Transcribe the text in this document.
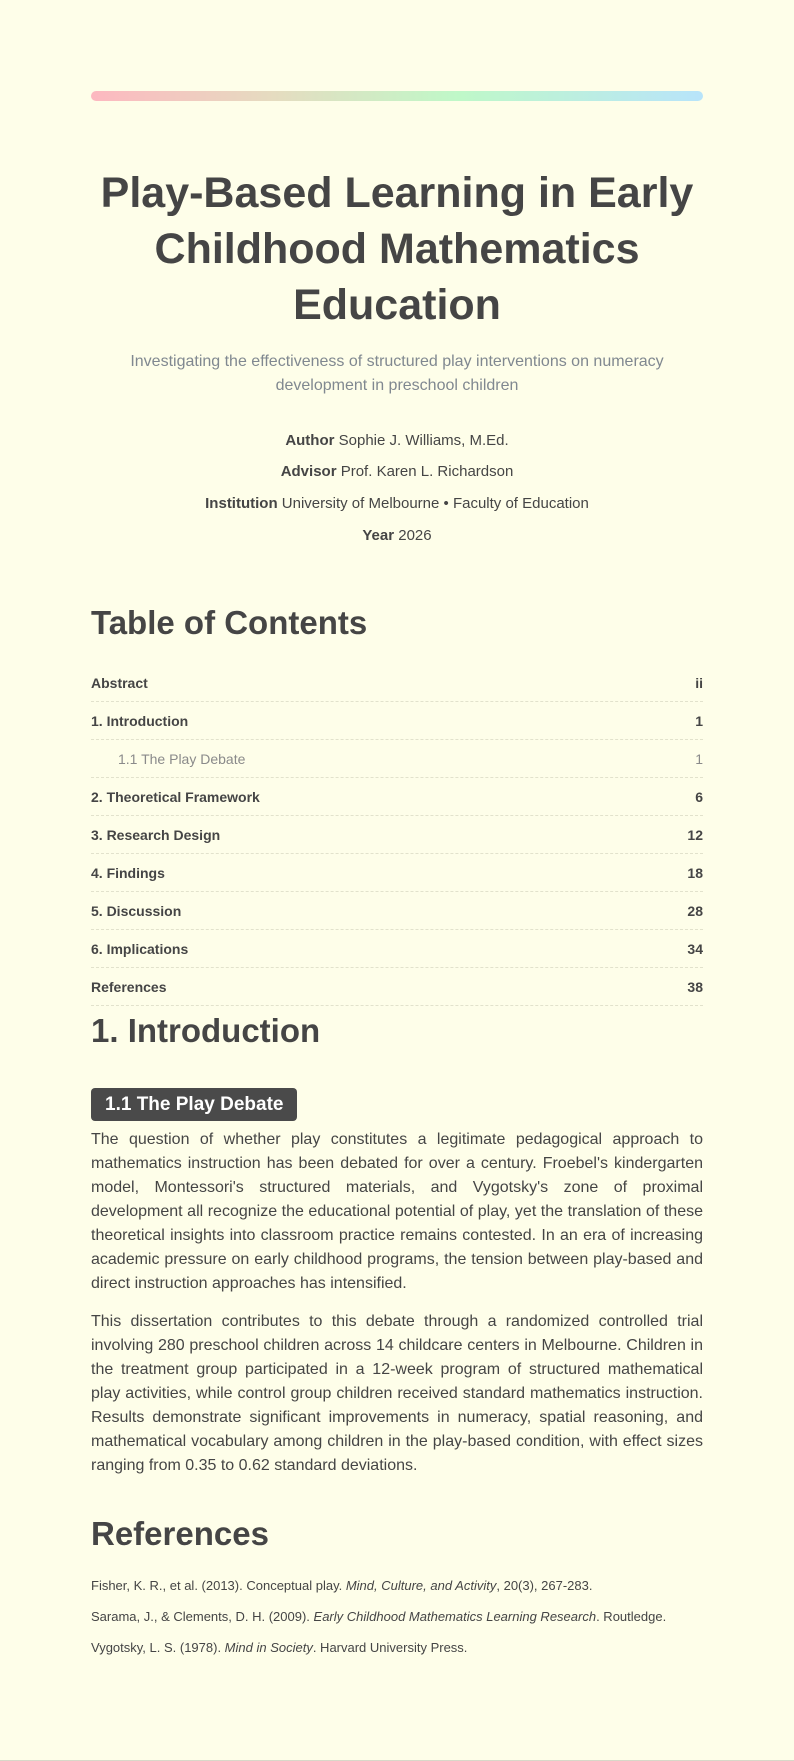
Play-Based Learning in Early Childhood Mathematics Education

Investigating the effectiveness of structured play interventions on numeracy development in preschool children

Author Sophie J. Williams, M.Ed.
Advisor Prof. Karen L. Richardson
Institution University of Melbourne • Faculty of Education
Year 2026
Table of Contents
Abstract	ii
1. Introduction	1
1.1 The Play Debate	1
2. Theoretical Framework	6
3. Research Design	12
4. Findings	18
5. Discussion	28
6. Implications	34
References	38
1. Introduction
1.1 The Play Debate

The question of whether play constitutes a legitimate pedagogical approach to mathematics instruction has been debated for over a century. Froebel's kindergarten model, Montessori's structured materials, and Vygotsky's zone of proximal development all recognize the educational potential of play, yet the translation of these theoretical insights into classroom practice remains contested. In an era of increasing academic pressure on early childhood programs, the tension between play-based and direct instruction approaches has intensified.

This dissertation contributes to this debate through a randomized controlled trial involving 280 preschool children across 14 childcare centers in Melbourne. Children in the treatment group participated in a 12-week program of structured mathematical play activities, while control group children received standard mathematics instruction. Results demonstrate significant improvements in numeracy, spatial reasoning, and mathematical vocabulary among children in the play-based condition, with effect sizes ranging from 0.35 to 0.62 standard deviations.

References
Fisher, K. R., et al. (2013). Conceptual play. Mind, Culture, and Activity, 20(3), 267-283.
Sarama, J., & Clements, D. H. (2009). Early Childhood Mathematics Learning Research. Routledge.
Vygotsky, L. S. (1978). Mind in Society. Harvard University Press.
